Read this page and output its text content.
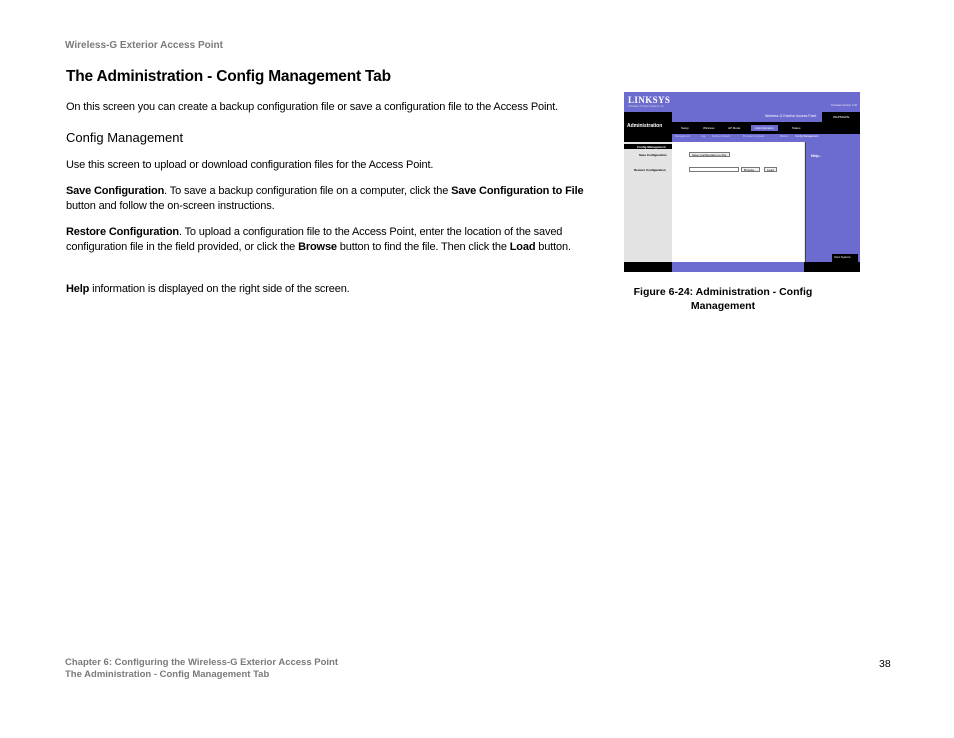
Wireless-G Exterior Access Point
The Administration - Config Management Tab
On this screen you can create a backup configuration file or save a configuration file to the Access Point.
Config Management
Use this screen to upload or download configuration files for the Access Point.
Save Configuration. To save a backup configuration file on a computer, click the Save Configuration to File button and follow the on-screen instructions.
Restore Configuration. To upload a configuration file to the Access Point, enter the location of the saved configuration file in the field provided, or click the Browse button to find the file. Then click the Load button.
Help information is displayed on the right side of the screen.
LINKSYS
A Division of Cisco Systems, Inc.	Firmware Version: 1.00
Administration
Wireless-G Exterior Access Point	WAP54GPE
Setup	Wireless	AP Mode	Administration	Status
Management	Log	Factory Default	Firmware Upgrade	Reboot	Config Management
Config Management
Save Configuration
Restore Configuration
Save Configuration to File
Browse...	Load
Help...
Cisco Systems
Figure 6-24: Administration - Config Management
Chapter 6: Configuring the Wireless-G Exterior Access Point
The Administration - Config Management Tab
38
